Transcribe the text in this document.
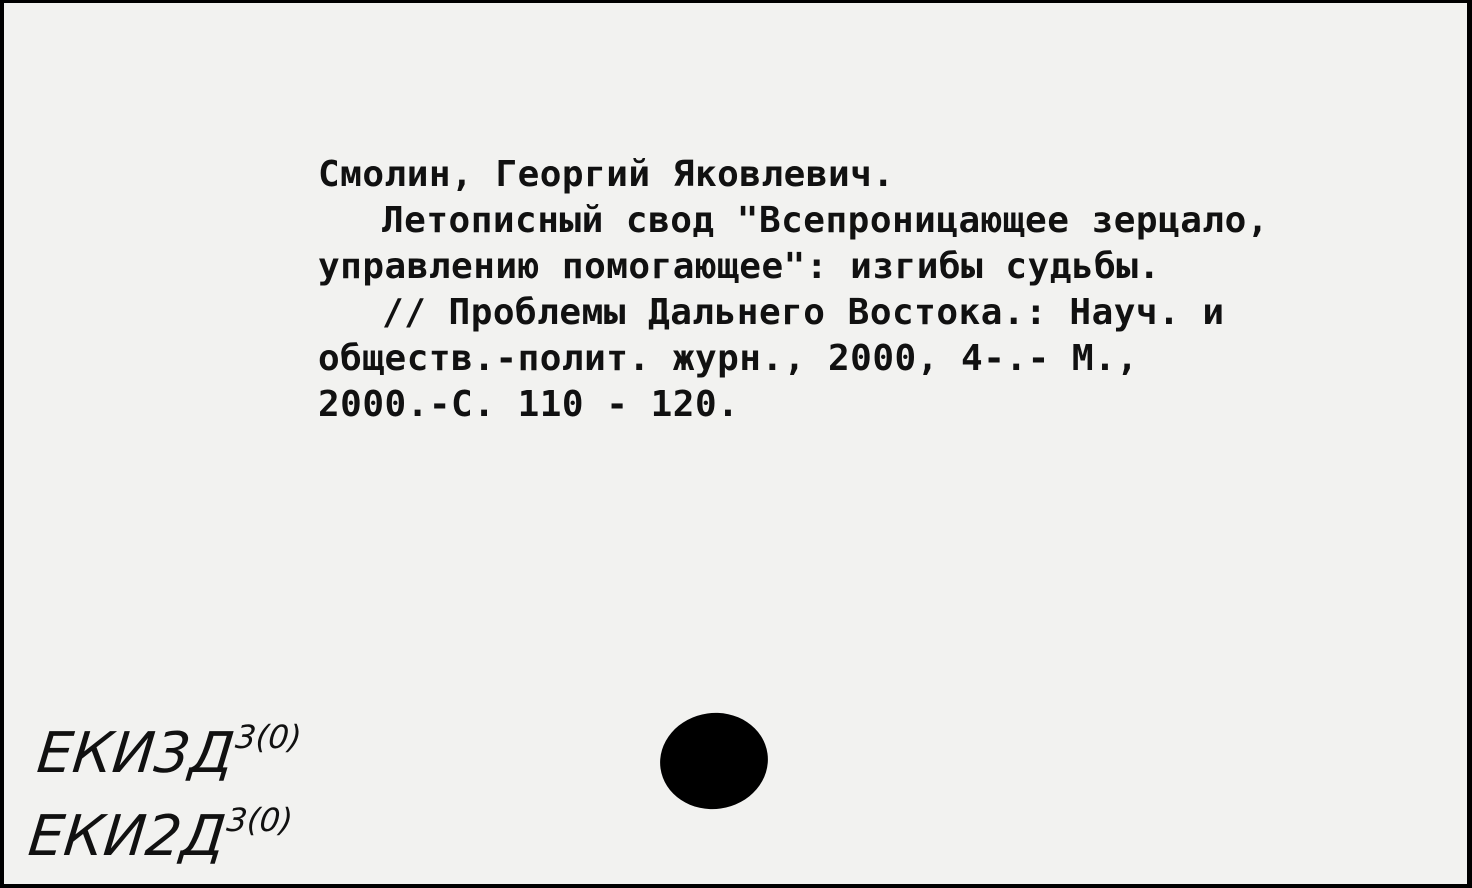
Смолин, Георгий Яковлевич.
Летописный свод "Всепроницающее зерцало,
управлению помогающее": изгибы судьбы.
// Проблемы Дальнего Востока.: Науч. и
обществ.-полит. журн., 2000, 4-.- М.,
2000.-С. 110 - 120.
$ЕКИ3Д^{3(0)}$
$ЕКИ2Д^{3(0)}$
